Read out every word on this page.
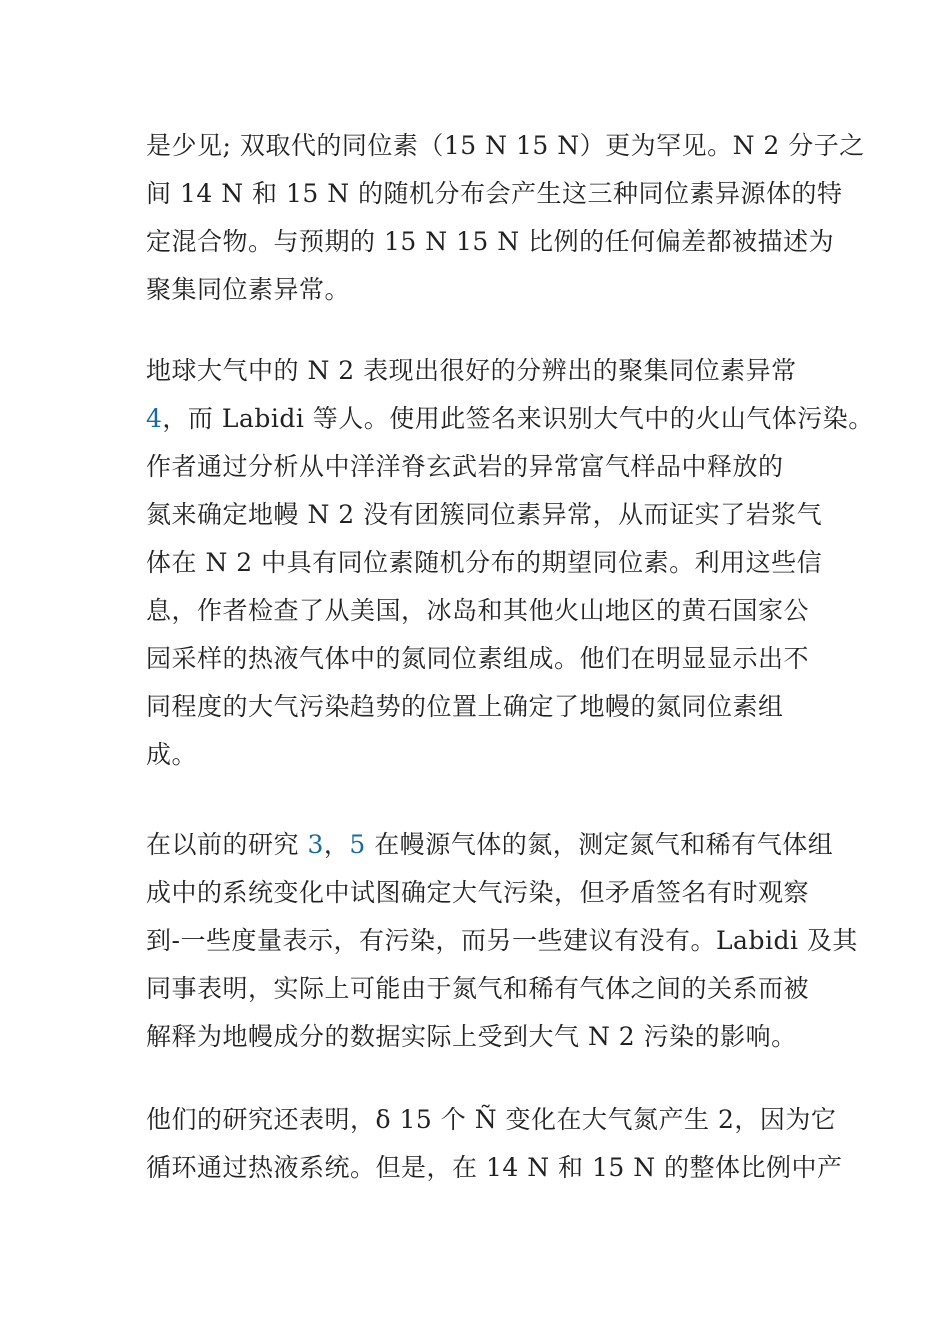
是少见; 双取代的同位素（15 N 15 N）更为罕见。N 2 分子之
间 14 N 和 15 N 的随机分布会产生这三种同位素异源体的特
定混合物。与预期的 15 N 15 N 比例的任何偏差都被描述为
聚集同位素异常。
地球大气中的 N 2 表现出很好的分辨出的聚集同位素异常
4，而 Labidi 等人。使用此签名来识别大气中的火山气体污染。
作者通过分析从中洋洋脊玄武岩的异常富气样品中释放的
氮来确定地幔 N 2 没有团簇同位素异常，从而证实了岩浆气
体在 N 2 中具有同位素随机分布的期望同位素。利用这些信
息，作者检查了从美国，冰岛和其他火山地区的黄石国家公
园采样的热液气体中的氮同位素组成。他们在明显显示出不
同程度的大气污染趋势的位置上确定了地幔的氮同位素组
成。
在以前的研究 3，5 在幔源气体的氮，测定氮气和稀有气体组
成中的系统变化中试图确定大气污染，但矛盾签名有时观察
到-一些度量表示，有污染，而另一些建议有没有。Labidi 及其
同事表明，实际上可能由于氮气和稀有气体之间的关系而被
解释为地幔成分的数据实际上受到大气 N 2 污染的影响。
他们的研究还表明，δ 15 个 Ñ 变化在大气氮产生 2，因为它
循环通过热液系统。但是，在 14 N 和 15 N 的整体比例中产
